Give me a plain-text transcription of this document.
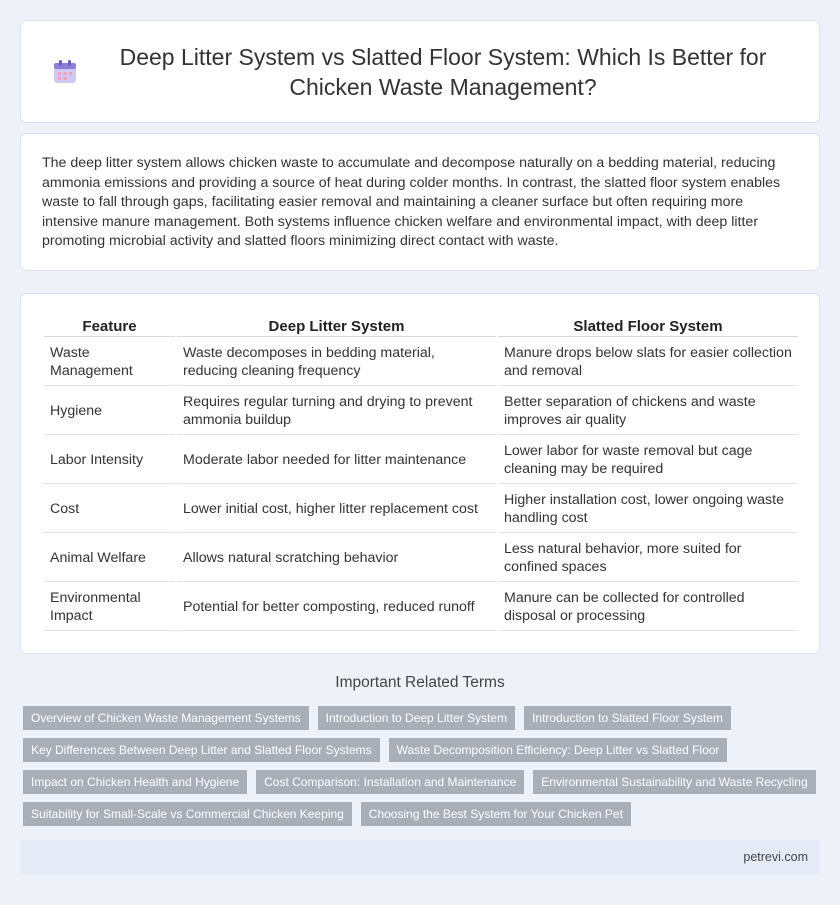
Deep Litter System vs Slatted Floor System: Which Is Better for Chicken Waste Management?

The deep litter system allows chicken waste to accumulate and decompose naturally on a bedding material, reducing ammonia emissions and providing a source of heat during colder months. In contrast, the slatted floor system enables waste to fall through gaps, facilitating easier removal and maintaining a cleaner surface but often requiring more intensive manure management. Both systems influence chicken welfare and environmental impact, with deep litter promoting microbial activity and slatted floors minimizing direct contact with waste.

Feature	Deep Litter System	Slatted Floor System
Waste Management	Waste decomposes in bedding material, reducing cleaning frequency	Manure drops below slats for easier collection and removal
Hygiene	Requires regular turning and drying to prevent ammonia buildup	Better separation of chickens and waste improves air quality
Labor Intensity	Moderate labor needed for litter maintenance	Lower labor for waste removal but cage cleaning may be required
Cost	Lower initial cost, higher litter replacement cost	Higher installation cost, lower ongoing waste handling cost
Animal Welfare	Allows natural scratching behavior	Less natural behavior, more suited for confined spaces
Environmental Impact	Potential for better composting, reduced runoff	Manure can be collected for controlled disposal or processing
Important Related Terms
Overview of Chicken Waste Management Systems	Introduction to Deep Litter System	Introduction to Slatted Floor System
Key Differences Between Deep Litter and Slatted Floor Systems	Waste Decomposition Efficiency: Deep Litter vs Slatted Floor
Impact on Chicken Health and Hygiene	Cost Comparison: Installation and Maintenance	Environmental Sustainability and Waste Recycling
Suitability for Small-Scale vs Commercial Chicken Keeping	Choosing the Best System for Your Chicken Pet
petrevi.com
